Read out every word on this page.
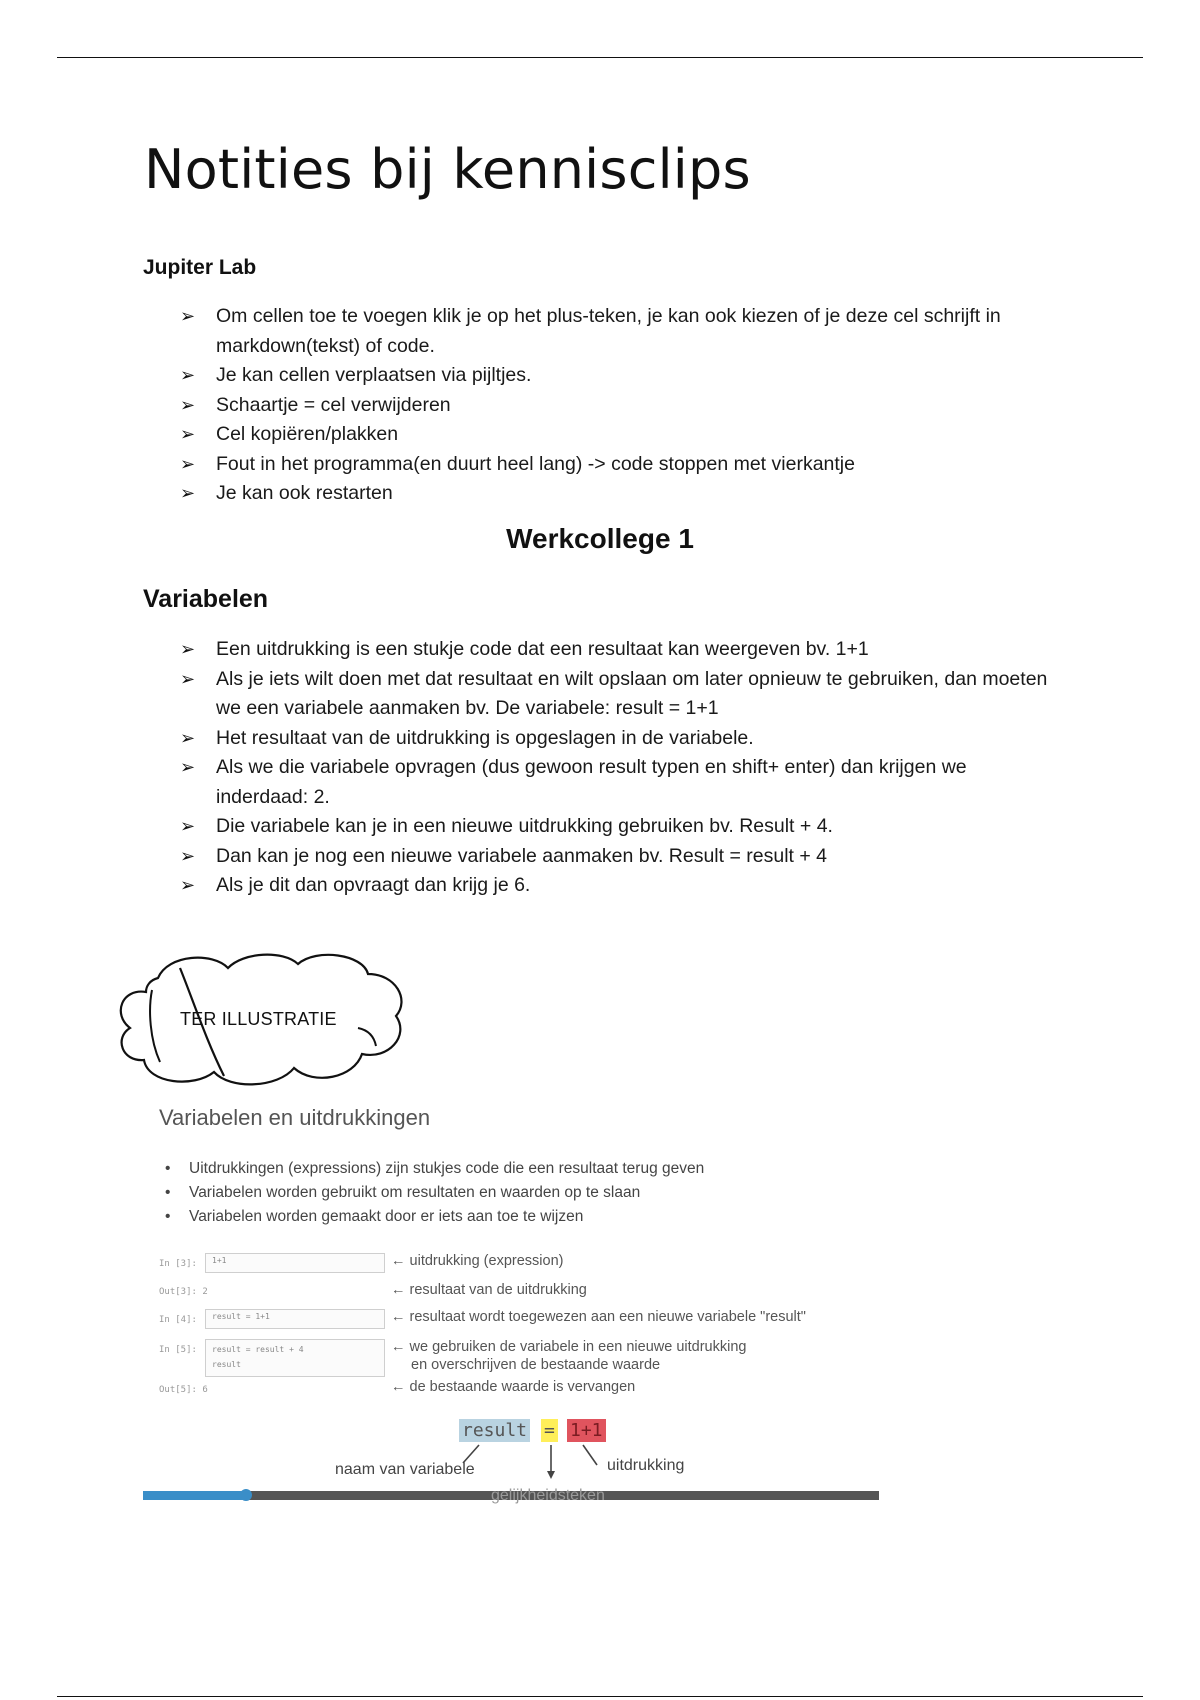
Notities bij kennisclips
Jupiter Lab
➢ Om cellen toe te voegen klik je op het plus-teken, je kan ook kiezen of je deze cel schrijft in markdown(tekst) of code.
➢ Je kan cellen verplaatsen via pijltjes.
➢ Schaartje = cel verwijderen
➢ Cel kopiëren/plakken
➢ Fout in het programma(en duurt heel lang) -> code stoppen met vierkantje
➢ Je kan ook restarten
Werkcollege 1
Variabelen
➢ Een uitdrukking is een stukje code dat een resultaat kan weergeven bv. 1+1
➢ Als je iets wilt doen met dat resultaat en wilt opslaan om later opnieuw te gebruiken, dan moeten we een variabele aanmaken bv. De variabele: result = 1+1
➢ Het resultaat van de uitdrukking is opgeslagen in de variabele.
➢ Als we die variabele opvragen (dus gewoon result typen en shift+ enter) dan krijgen we inderdaad: 2.
➢ Die variabele kan je in een nieuwe uitdrukking gebruiken bv. Result + 4.
➢ Dan kan je nog een nieuwe variabele aanmaken bv. Result = result + 4
➢ Als je dit dan opvraagt dan krijg je 6.

TER ILLUSTRATIE

Variabelen en uitdrukkingen
• Uitdrukkingen (expressions) zijn stukjes code die een resultaat terug geven
• Variabelen worden gebruikt om resultaten en waarden op te slaan
• Variabelen worden gemaakt door er iets aan toe te wijzen
In [3]:	1+1	← uitdrukking (expression)
Out[3]: 2	← resultaat van de uitdrukking
In [4]:	result = 1+1	← resultaat wordt toegewezen aan een nieuwe variabele "result"
In [5]: result = result + 4
result
← we gebruiken de variabele in een nieuwe uitdrukking
en overschrijven de bestaande waarde
Out[5]: 6	← de bestaande waarde is vervangen
result = 1+1
naam van variabele	uitdrukking
gelijkheidsteken
